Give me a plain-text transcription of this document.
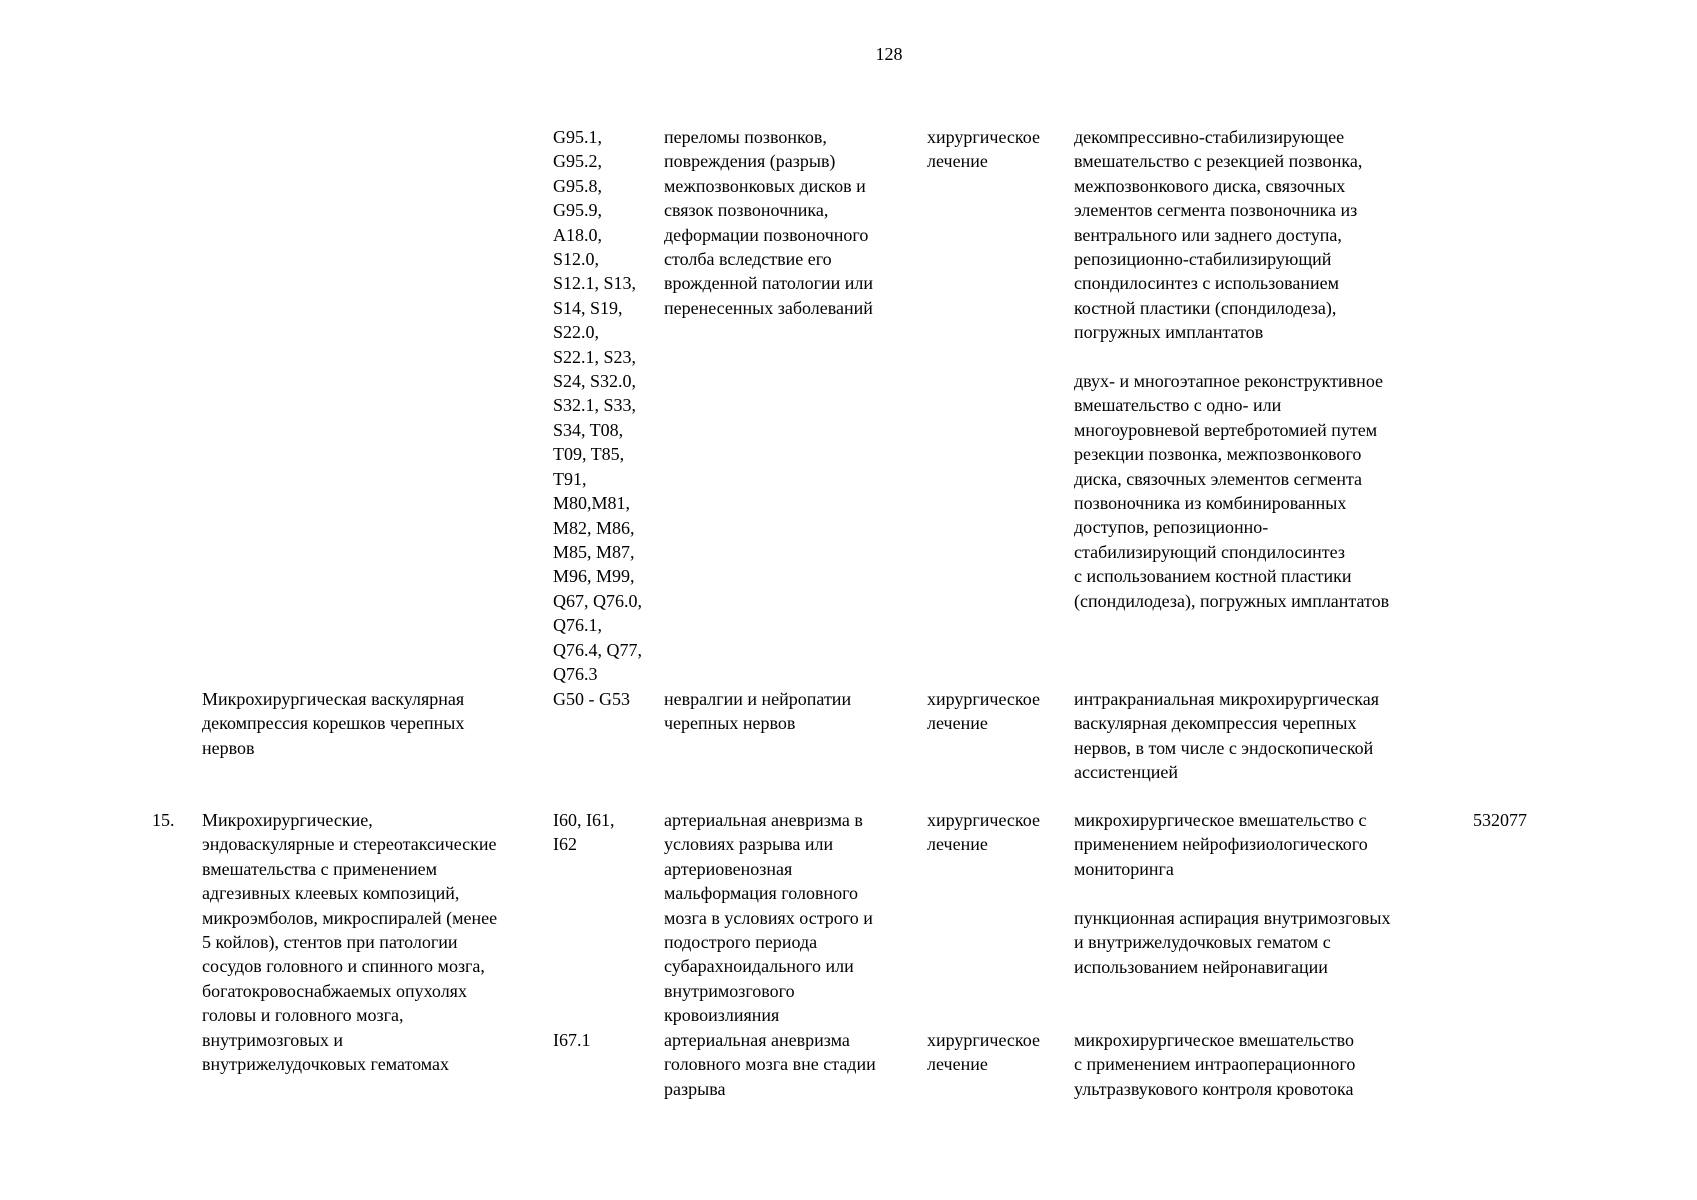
128
G95.1,
G95.2,
G95.8,
G95.9,
A18.0,
S12.0,
S12.1, S13,
S14, S19,
S22.0,
S22.1, S23,
S24, S32.0,
S32.1, S33,
S34, T08,
T09, T85,
T91,
M80,M81,
M82, M86,
M85, M87,
M96, M99,
Q67, Q76.0,
Q76.1,
Q76.4, Q77,
Q76.3
переломы позвонков,
повреждения (разрыв)
межпозвонковых дисков и
связок позвоночника,
деформации позвоночного
столба вследствие его
врожденной патологии или
перенесенных заболеваний
хирургическое
лечение
декомпрессивно-стабилизирующее
вмешательство с резекцией позвонка,
межпозвонкового диска, связочных
элементов сегмента позвоночника из
вентрального или заднего доступа,
репозиционно-стабилизирующий
спондилосинтез с использованием
костной пластики (спондилодеза),
погружных имплантатов
двух- и многоэтапное реконструктивное
вмешательство с одно- или
многоуровневой вертебротомией путем
резекции позвонка, межпозвонкового
диска, связочных элементов сегмента
позвоночника из комбинированных
доступов, репозиционно-
стабилизирующий спондилосинтез
с использованием костной пластики
(спондилодеза), погружных имплантатов
Микрохирургическая васкулярная
декомпрессия корешков черепных
нервов
G50 - G53 невралгии и нейропатии
черепных нервов
хирургическое
лечение
интракраниальная микрохирургическая
васкулярная декомпрессия черепных
нервов, в том числе с эндоскопической
ассистенцией
15. Микрохирургические,
эндоваскулярные и стереотаксические
вмешательства с применением
адгезивных клеевых композиций,
микроэмболов, микроспиралей (менее
5 койлов), стентов при патологии
сосудов головного и спинного мозга,
богатокровоснабжаемых опухолях
головы и головного мозга,
внутримозговых и
внутрижелудочковых гематомах
I60, I61,
I62
артериальная аневризма в
условиях разрыва или
артериовенозная
мальформация головного
мозга в условиях острого и
подострого периода
субарахноидального или
внутримозгового
кровоизлияния
хирургическое
лечение
микрохирургическое вмешательство с
применением нейрофизиологического
мониторинга
пункционная аспирация внутримозговых
и внутрижелудочковых гематом с
использованием нейронавигации
532077
I67.1	артериальная аневризма
головного мозга вне стадии
разрыва
хирургическое
лечение
микрохирургическое вмешательство
с применением интраоперационного
ультразвукового контроля кровотока
